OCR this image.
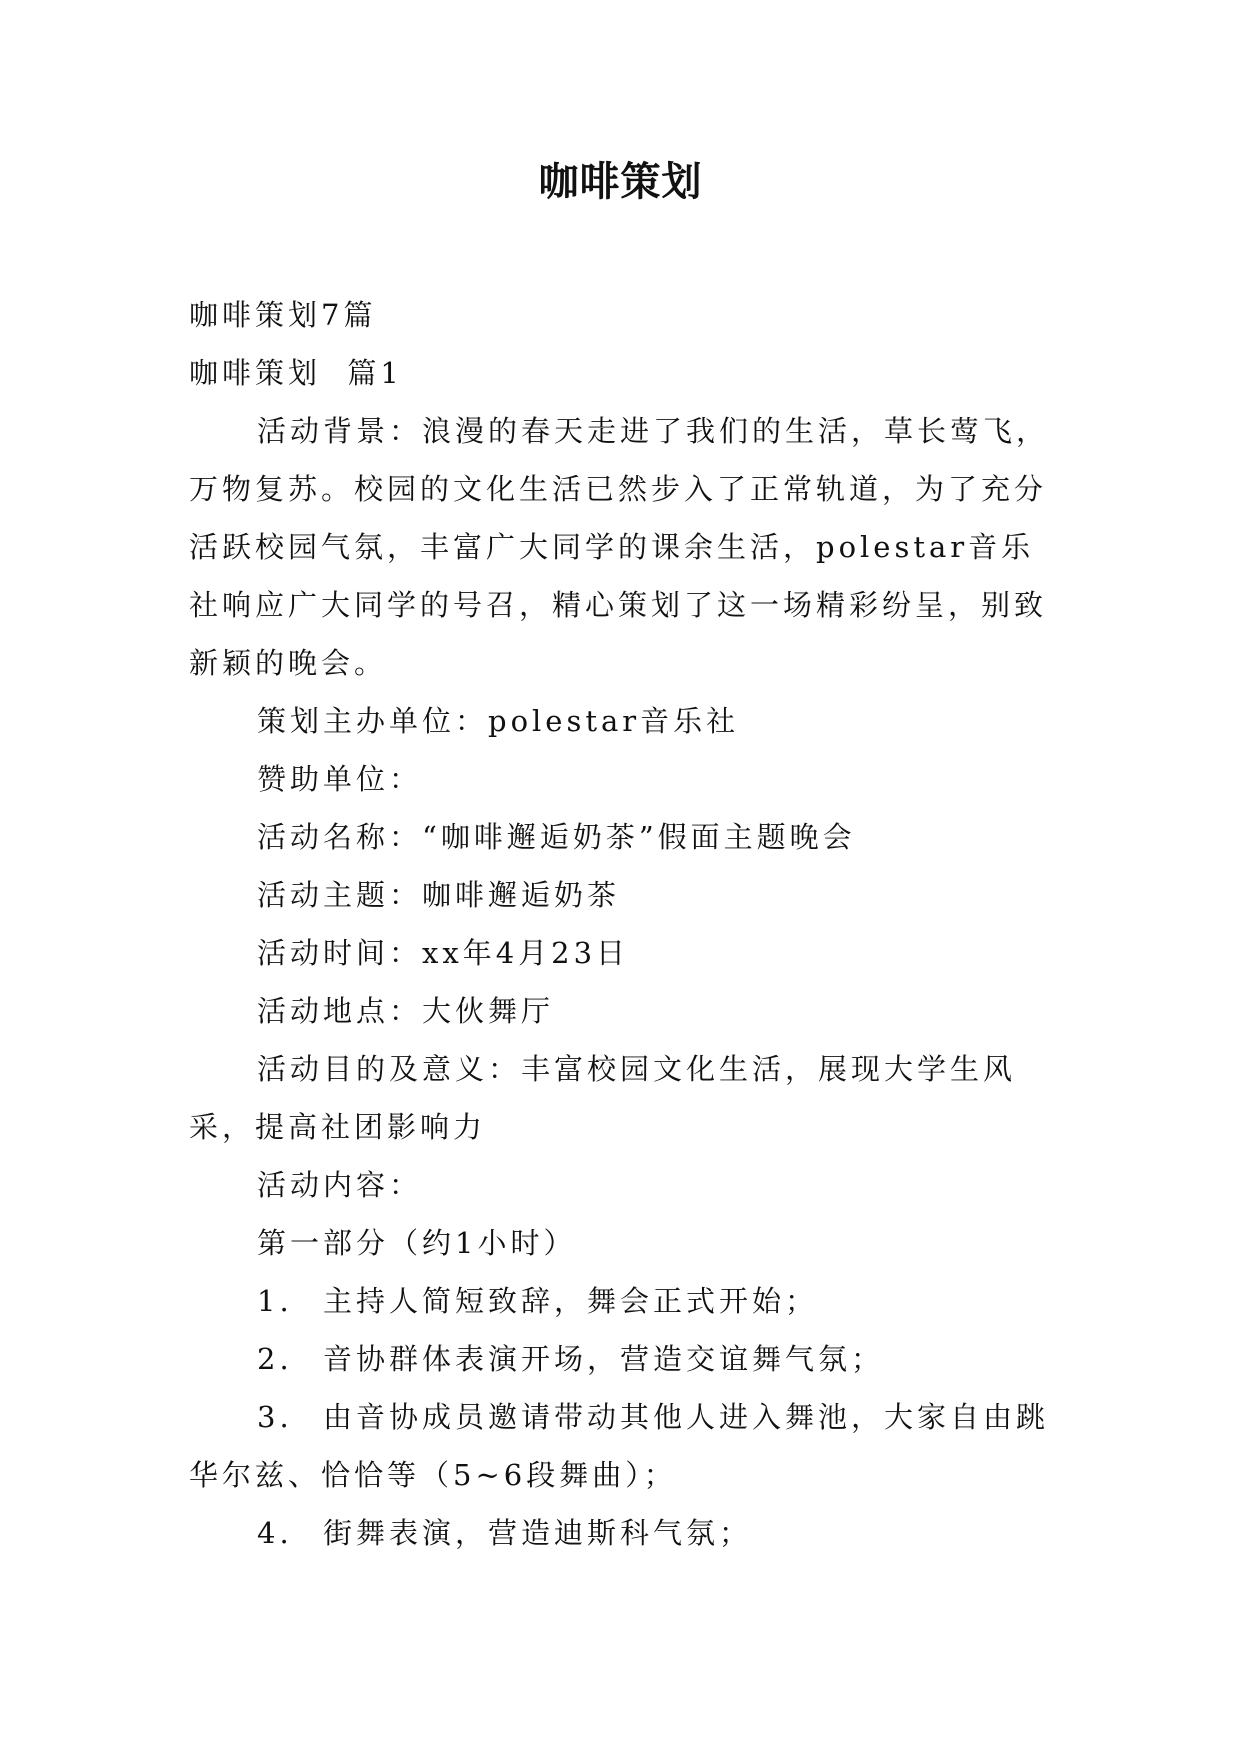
咖啡策划

咖啡策划7篇

咖啡策划  篇1

活动背景：浪漫的春天走进了我们的生活，草长莺飞，万物复苏。校园的文化生活已然步入了正常轨道，为了充分活跃校园气氛，丰富广大同学的课余生活，polestar音乐社响应广大同学的号召，精心策划了这一场精彩纷呈，别致新颖的晚会。

策划主办单位：polestar音乐社

赞助单位：

活动名称：“咖啡邂逅奶茶”假面主题晚会

活动主题：咖啡邂逅奶茶

活动时间：xx年4月23日

活动地点：大伙舞厅

活动目的及意义：丰富校园文化生活，展现大学生风采，提高社团影响力

活动内容：

第一部分（约1小时）

1. 主持人简短致辞，舞会正式开始；

2. 音协群体表演开场，营造交谊舞气氛；

3. 由音协成员邀请带动其他人进入舞池，大家自由跳华尔兹、恰恰等（5~6段舞曲）；

4. 街舞表演，营造迪斯科气氛；
